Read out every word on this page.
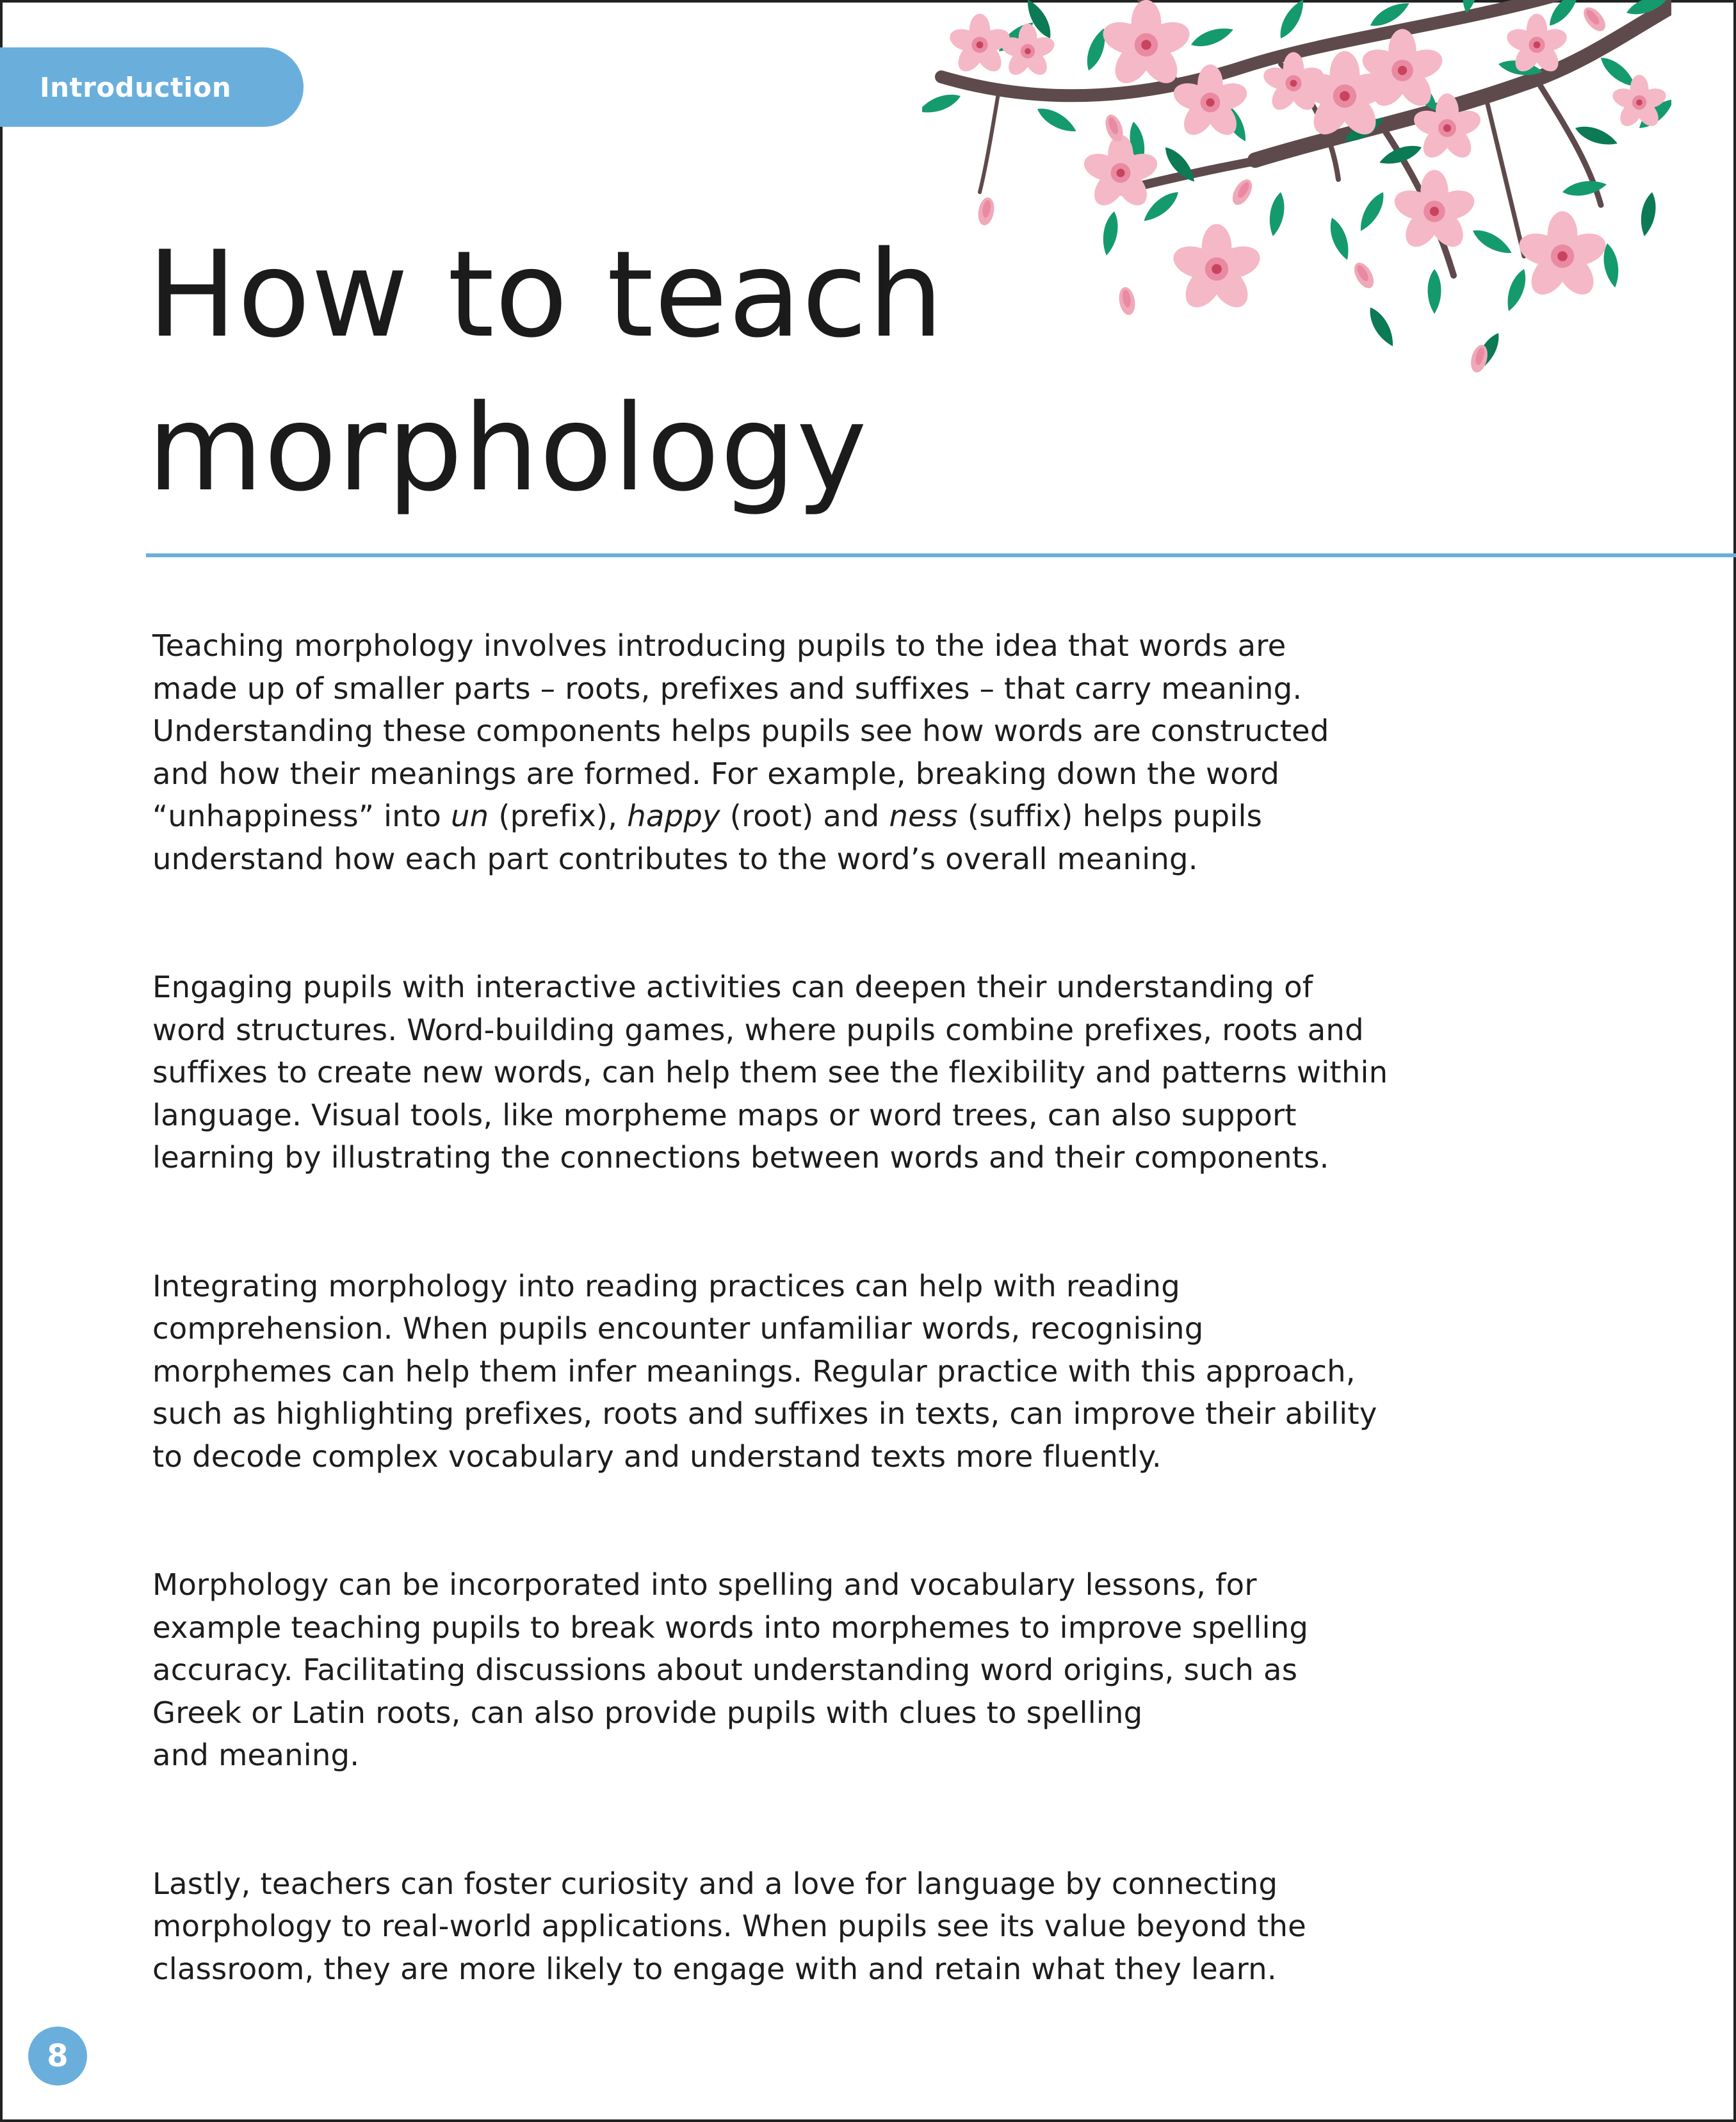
Introduction
How to teach
morphology

Teaching morphology involves introducing pupils to the idea that words are
made up of smaller parts – roots, prefixes and suffixes – that carry meaning.
Understanding these components helps pupils see how words are constructed
and how their meanings are formed. For example, breaking down the word
“unhappiness” into un (prefix), happy (root) and ness (suffix) helps pupils
understand how each part contributes to the word’s overall meaning.

Engaging pupils with interactive activities can deepen their understanding of
word structures. Word-building games, where pupils combine prefixes, roots and
suffixes to create new words, can help them see the flexibility and patterns within
language. Visual tools, like morpheme maps or word trees, can also support
learning by illustrating the connections between words and their components.

Integrating morphology into reading practices can help with reading
comprehension. When pupils encounter unfamiliar words, recognising
morphemes can help them infer meanings. Regular practice with this approach,
such as highlighting prefixes, roots and suffixes in texts, can improve their ability
to decode complex vocabulary and understand texts more fluently.

Morphology can be incorporated into spelling and vocabulary lessons, for
example teaching pupils to break words into morphemes to improve spelling
accuracy. Facilitating discussions about understanding word origins, such as
Greek or Latin roots, can also provide pupils with clues to spelling
and meaning.

Lastly, teachers can foster curiosity and a love for language by connecting
morphology to real-world applications. When pupils see its value beyond the
classroom, they are more likely to engage with and retain what they learn.

8
